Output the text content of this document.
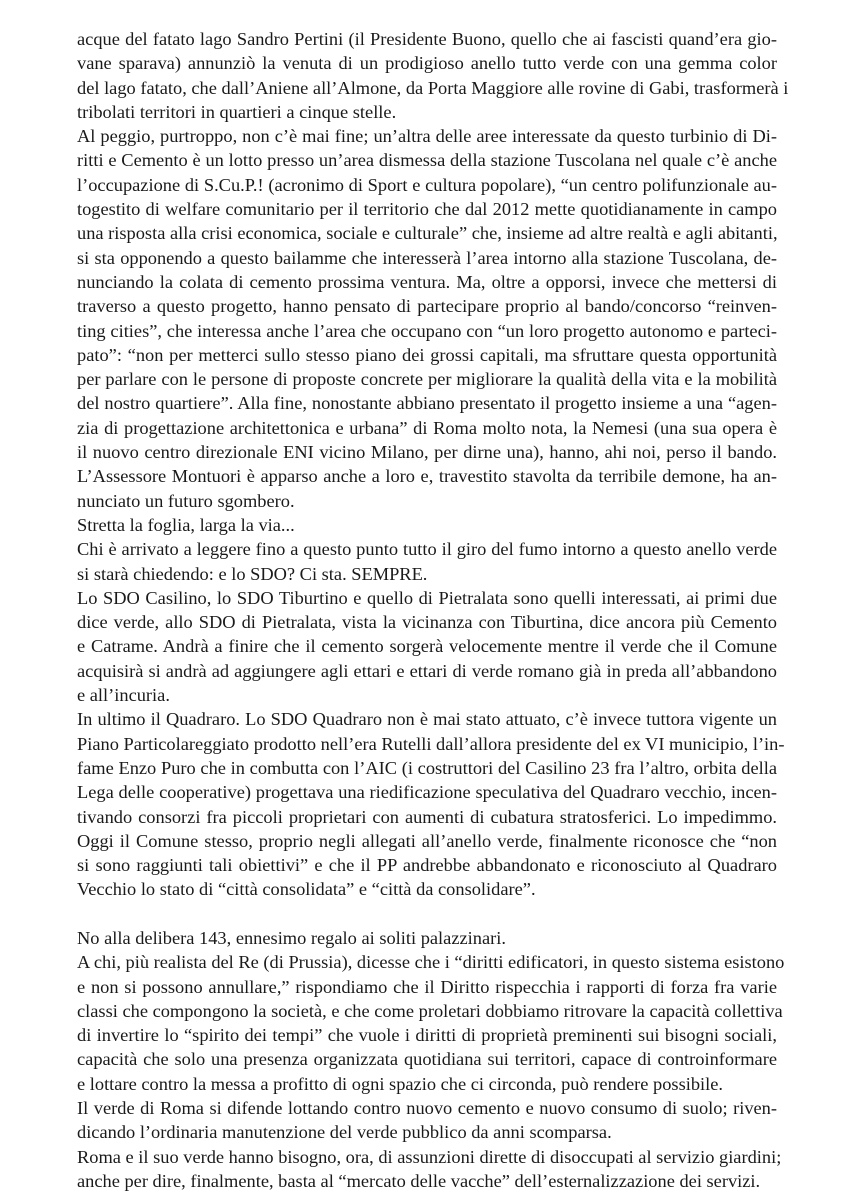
acque del fatato lago Sandro Pertini (il Presidente Buono, quello che ai fascisti quand’era gio-
vane sparava) annunziò la venuta di un prodigioso anello tutto verde con una gemma color
del lago fatato, che dall’Aniene all’Almone, da Porta Maggiore alle rovine di Gabi, trasformerà i
tribolati territori in quartieri a cinque stelle.
Al peggio, purtroppo, non c’è mai fine; un’altra delle aree interessate da questo turbinio di Di-
ritti e Cemento è un lotto presso un’area dismessa della stazione Tuscolana nel quale c’è anche
l’occupazione di S.Cu.P.! (acronimo di Sport e cultura popolare), “un centro polifunzionale au-
togestito di welfare comunitario per il territorio che dal 2012 mette quotidianamente in campo
una risposta alla crisi economica, sociale e culturale” che, insieme ad altre realtà e agli abitanti,
si sta opponendo a questo bailamme che interesserà l’area intorno alla stazione Tuscolana, de-
nunciando la colata di cemento prossima ventura. Ma, oltre a opporsi, invece che mettersi di
traverso a questo progetto, hanno pensato di partecipare proprio al bando/concorso “reinven-
ting cities”, che interessa anche l’area che occupano con “un loro progetto autonomo e parteci-
pato”: “non per metterci sullo stesso piano dei grossi capitali, ma sfruttare questa opportunità
per parlare con le persone di proposte concrete per migliorare la qualità della vita e la mobilità
del nostro quartiere”. Alla fine, nonostante abbiano presentato il progetto insieme a una “agen-
zia di progettazione architettonica e urbana” di Roma molto nota, la Nemesi (una sua opera è
il nuovo centro direzionale ENI vicino Milano, per dirne una), hanno, ahi noi, perso il bando.
L’Assessore Montuori è apparso anche a loro e, travestito stavolta da terribile demone, ha an-
nunciato un futuro sgombero.
Stretta la foglia, larga la via...
Chi è arrivato a leggere fino a questo punto tutto il giro del fumo intorno a questo anello verde
si starà chiedendo: e lo SDO? Ci sta. SEMPRE.
Lo SDO Casilino, lo SDO Tiburtino e quello di Pietralata sono quelli interessati, ai primi due
dice verde, allo SDO di Pietralata, vista la vicinanza con Tiburtina, dice ancora più Cemento
e Catrame. Andrà a finire che il cemento sorgerà velocemente mentre il verde che il Comune
acquisirà si andrà ad aggiungere agli ettari e ettari di verde romano già in preda all’abbandono
e all’incuria.
In ultimo il Quadraro. Lo SDO Quadraro non è mai stato attuato, c’è invece tuttora vigente un
Piano Particolareggiato prodotto nell’era Rutelli dall’allora presidente del ex VI municipio, l’in-
fame Enzo Puro che in combutta con l’AIC (i costruttori del Casilino 23 fra l’altro, orbita della
Lega delle cooperative) progettava una riedificazione speculativa del Quadraro vecchio, incen-
tivando consorzi fra piccoli proprietari con aumenti di cubatura stratosferici. Lo impedimmo.
Oggi il Comune stesso, proprio negli allegati all’anello verde, finalmente riconosce che “non
si sono raggiunti tali obiettivi” e che il PP andrebbe abbandonato e riconosciuto al Quadraro
Vecchio lo stato di “città consolidata” e “città da consolidare”.
No alla delibera 143, ennesimo regalo ai soliti palazzinari.
A chi, più realista del Re (di Prussia), dicesse che i “diritti edificatori, in questo sistema esistono
e non si possono annullare,” rispondiamo che il Diritto rispecchia i rapporti di forza fra varie
classi che compongono la società, e che come proletari dobbiamo ritrovare la capacità collettiva
di invertire lo “spirito dei tempi” che vuole i diritti di proprietà preminenti sui bisogni sociali,
capacità che solo una presenza organizzata quotidiana sui territori, capace di controinformare
e lottare contro la messa a profitto di ogni spazio che ci circonda, può rendere possibile.
Il verde di Roma si difende lottando contro nuovo cemento e nuovo consumo di suolo; riven-
dicando l’ordinaria manutenzione del verde pubblico da anni scomparsa.
Roma e il suo verde hanno bisogno, ora, di assunzioni dirette di disoccupati al servizio giardini;
anche per dire, finalmente, basta al “mercato delle vacche” dell’esternalizzazione dei servizi.
